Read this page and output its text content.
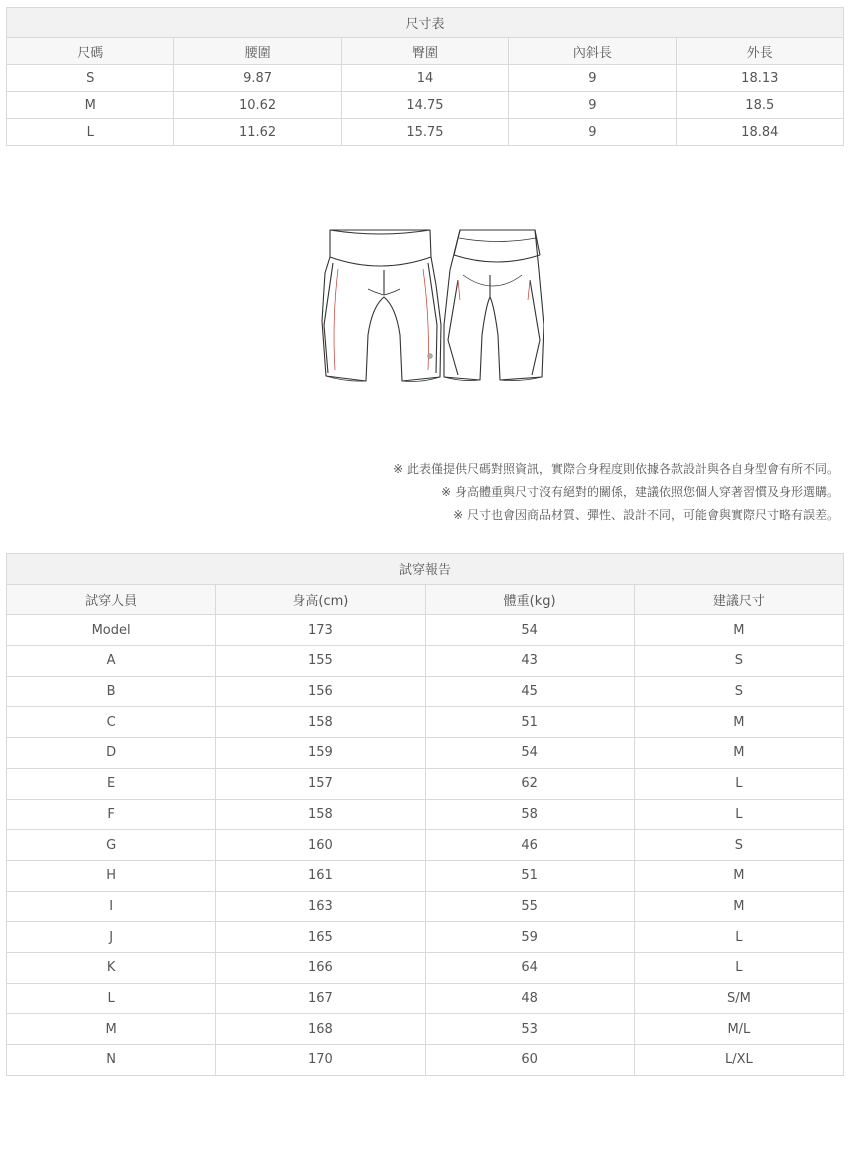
尺寸表				
尺碼	腰圍	臀圍	內斜長	外長
S	9.87	14	9	18.13
M	10.62	14.75	9	18.5
L	11.62	15.75	9	18.84
※ 此表僅提供尺碼對照資訊，實際合身程度則依據各款設計與各自身型會有所不同。
※ 身高體重與尺寸沒有絕對的關係，建議依照您個人穿著習慣及身形選購。
※ 尺寸也會因商品材質、彈性、設計不同，可能會與實際尺寸略有誤差。
試穿報告			
試穿人員	身高(cm)	體重(kg)	建議尺寸
Model	173	54	M
A	155	43	S
B	156	45	S
C	158	51	M
D	159	54	M
E	157	62	L
F	158	58	L
G	160	46	S
H	161	51	M
I	163	55	M
J	165	59	L
K	166	64	L
L	167	48	S/M
M	168	53	M/L
N	170	60	L/XL
